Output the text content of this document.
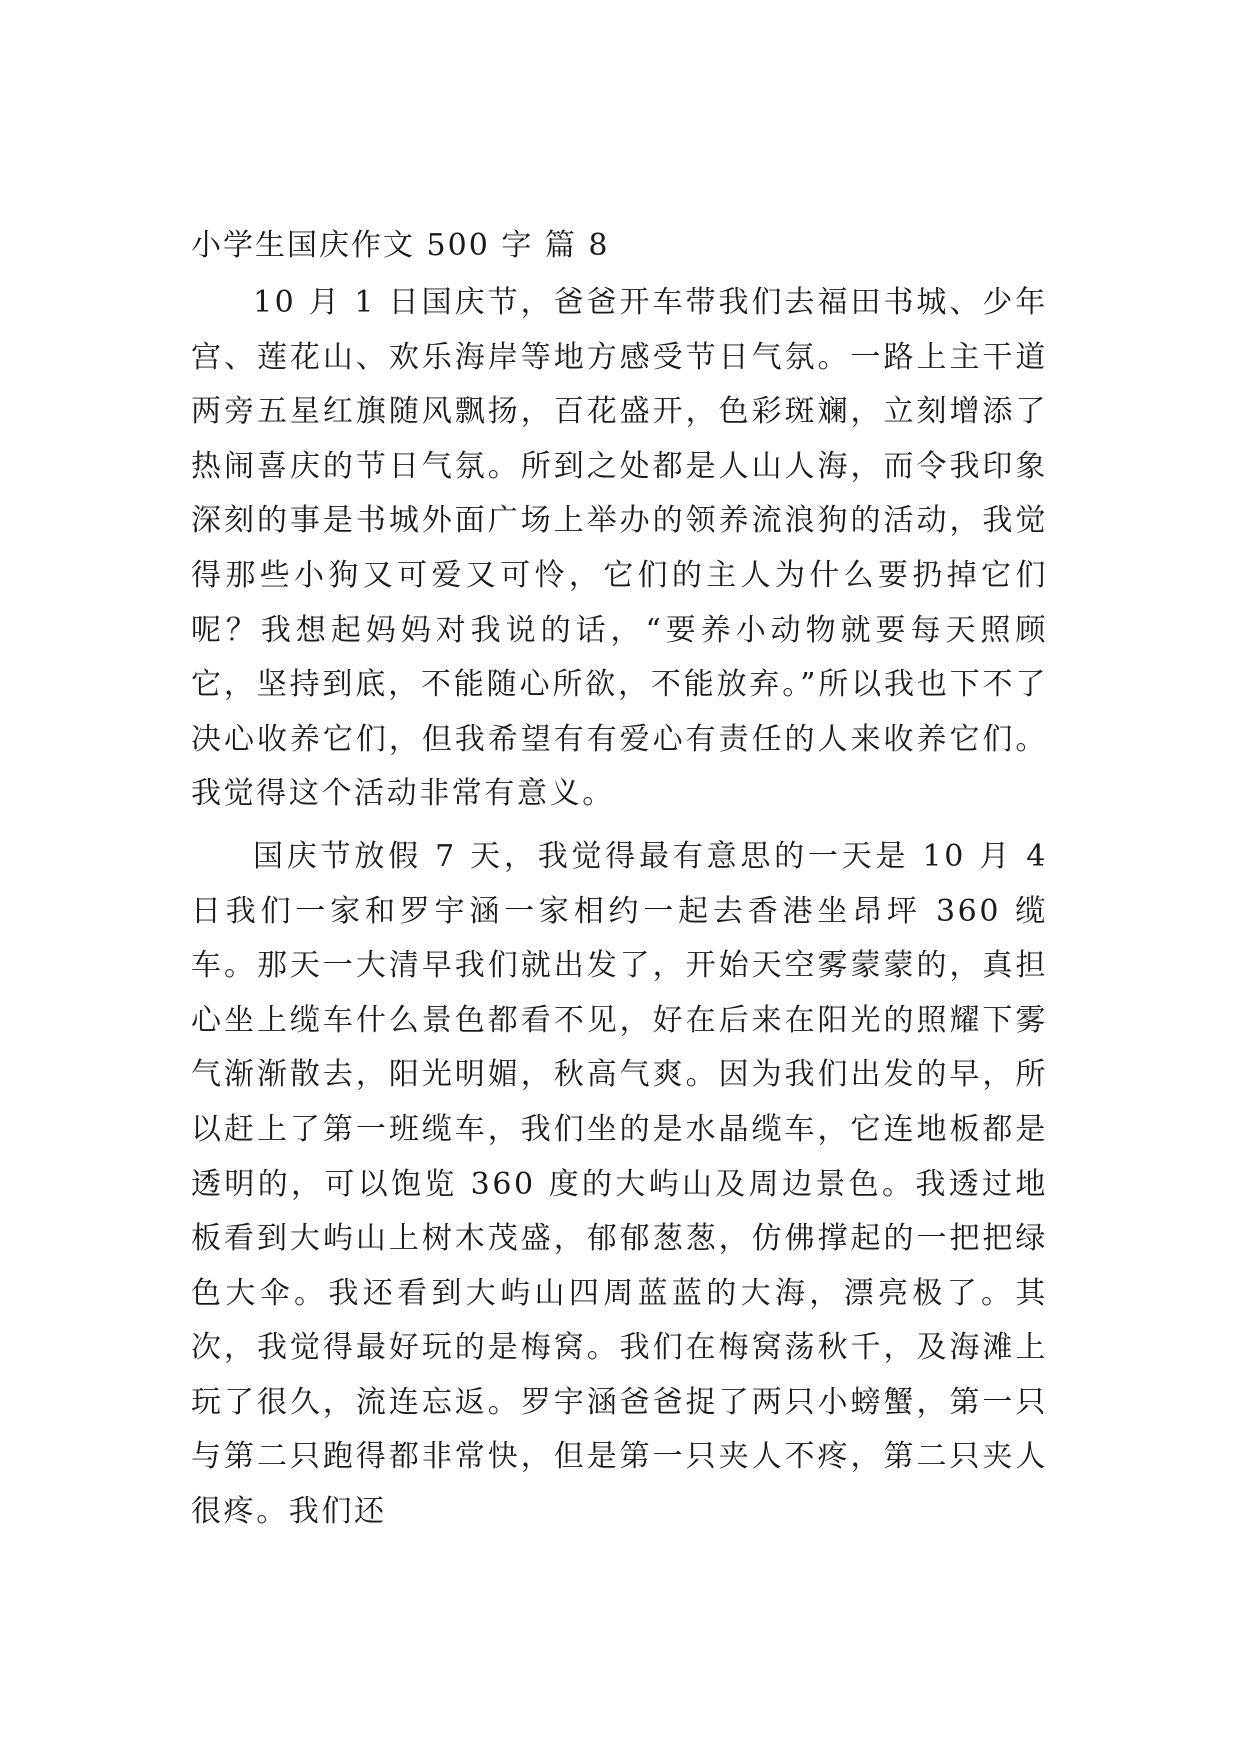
小学生国庆作文 500 字 篇 8

10 月 1 日国庆节，爸爸开车带我们去福田书城、少年宫、莲花山、欢乐海岸等地方感受节日气氛。一路上主干道两旁五星红旗随风飘扬，百花盛开，色彩斑斓，立刻增添了热闹喜庆的节日气氛。所到之处都是人山人海，而令我印象深刻的事是书城外面广场上举办的领养流浪狗的活动，我觉得那些小狗又可爱又可怜，它们的主人为什么要扔掉它们呢？我想起妈妈对我说的话，“要养小动物就要每天照顾它，坚持到底，不能随心所欲，不能放弃。”所以我也下不了决心收养它们，但我希望有有爱心有责任的人来收养它们。我觉得这个活动非常有意义。

国庆节放假 7 天，我觉得最有意思的一天是 10 月 4 日我们一家和罗宇涵一家相约一起去香港坐昂坪 360 缆车。那天一大清早我们就出发了，开始天空雾蒙蒙的，真担心坐上缆车什么景色都看不见，好在后来在阳光的照耀下雾气渐渐散去，阳光明媚，秋高气爽。因为我们出发的早，所以赶上了第一班缆车，我们坐的是水晶缆车，它连地板都是透明的，可以饱览 360 度的大屿山及周边景色。我透过地板看到大屿山上树木茂盛，郁郁葱葱，仿佛撑起的一把把绿色大伞。我还看到大屿山四周蓝蓝的大海，漂亮极了。其次，我觉得最好玩的是梅窝。我们在梅窝荡秋千，及海滩上玩了很久，流连忘返。罗宇涵爸爸捉了两只小螃蟹，第一只与第二只跑得都非常快，但是第一只夹人不疼，第二只夹人很疼。我们还
